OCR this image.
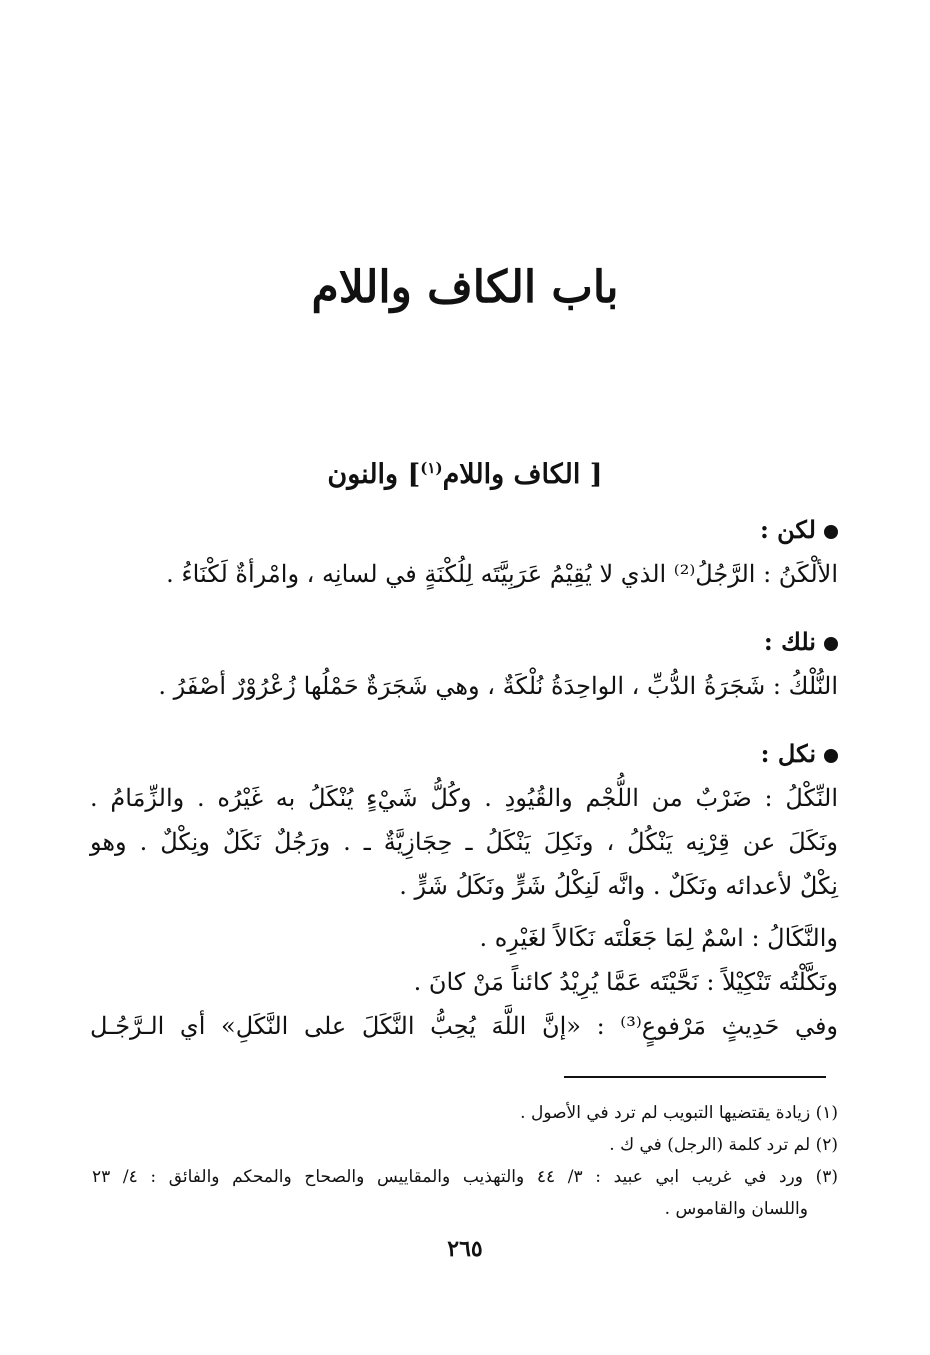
باب الكاف واللام
[ الكاف واللام$^{(١)}$] والنون
لكن :
الألْكَنُ : الرَّجُلُ⁽²⁾ الذي لا يُقِيْمُ عَرَبِيَّتَه لِلُكْنَةٍ في لسانِه ، وامْرأةٌ لَكْنَاءُ .
نلك :
النُّلْكُ : شَجَرَةُ الدُّبِّ ، الواحِدَةُ نُلْكَةٌ ، وهي شَجَرَةٌ حَمْلُها زُعْرُوْرٌ أصْفَرُ .
نكل :
النِّكْلُ : ضَرْبٌ من اللُّجْم والقُيُودِ . وكُلُّ شَيْءٍ يُنْكَلُ به غَيْرُه . والزِّمَامُ .
ونَكَلَ عن قِرْنِه يَنْكُلُ ، ونَكِلَ يَنْكَلُ ـ حِجَازِيَّةٌ ـ . ورَجُلٌ نَكَلٌ ونِكْلٌ . وهو
نِكْلٌ لأعدائه ونَكَلٌ . وانَّه لَنِكْلُ شَرٍّ ونَكَلُ شَرٍّ .
والنَّكَالُ : اسْمٌ لِمَا جَعَلْتَه نَكَالاً لغَيْرِه .
ونَكَّلْتُه تَنْكِيْلاً : نَحَّيْتَه عَمَّا يُرِيْدُ كائناً مَنْ كانَ .
وفي حَدِيثٍ مَرْفوعٍ⁽³⁾ : «إنَّ اللَّهَ يُحِبُّ النَّكَلَ على النَّكَلِ» أي الـرَّجُـل
(١) زيادة يقتضيها التبويب لم ترد في الأصول .
(٢) لم ترد كلمة (الرجل) في ك .
(٣) ورد في غريب ابي عبيد : ٣/ ٤٤ والتهذيب والمقاييس والصحاح والمحكم والفائق : ٤/ ٢٣
واللسان والقاموس .
٢٦٥
